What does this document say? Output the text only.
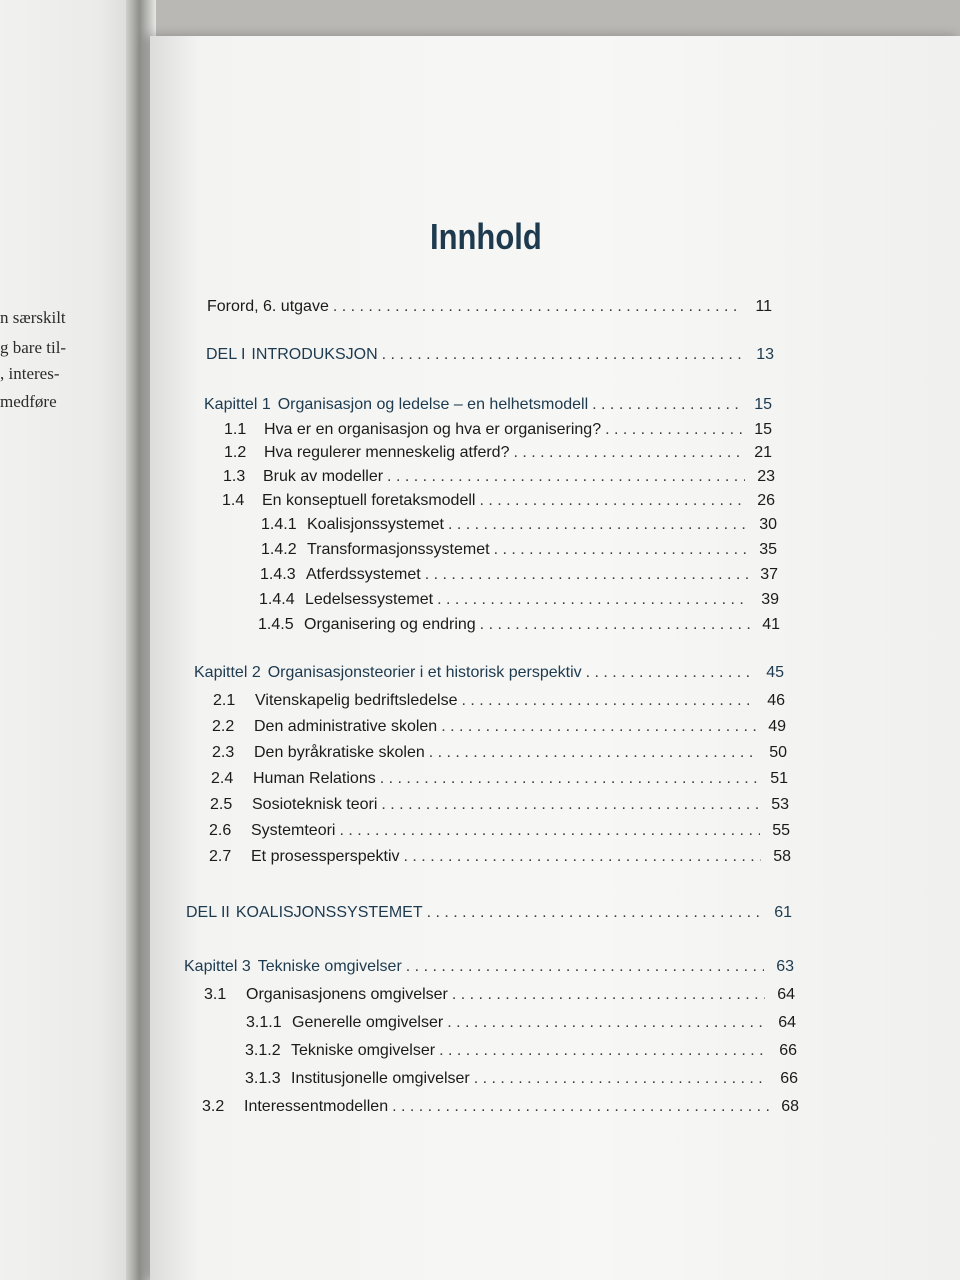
n særskilt
g bare til-
, interes-
medføre
Innhold
Forord, 6. utgave . . .	11
DEL I INTRODUKSJON . . .	13
Kapittel 1 Organisasjon og ledelse – en helhetsmodell . . .	15
1.1	Hva er en organisasjon og hva er organisering? . . .	15
1.2	Hva regulerer menneskelig atferd? . . .	21
1.3	Bruk av modeller . . .	23
1.4	En konseptuell foretaksmodell . . .	26
1.4.1 Koalisjonssystemet . . .	30
1.4.2 Transformasjonssystemet . . .	35
1.4.3 Atferdssystemet . . .	37
1.4.4 Ledelsessystemet . . .	39
1.4.5 Organisering og endring . . .	41
Kapittel 2 Organisasjonsteorier i et historisk perspektiv . . .	45
2.1	Vitenskapelig bedriftsledelse . . .	46
2.2	Den administrative skolen . . .	49
2.3	Den byråkratiske skolen . . .	50
2.4	Human Relations . . .	51
2.5	Sosioteknisk teori . . .	53
2.6	Systemteori . . .	55
2.7	Et prosessperspektiv . . .	58
DEL II KOALISJONSSYSTEMET . . .	61
Kapittel 3 Tekniske omgivelser . . .	63
3.1	Organisasjonens omgivelser . . .	64
3.1.1 Generelle omgivelser . . .	64
3.1.2 Tekniske omgivelser . . .	66
3.1.3 Institusjonelle omgivelser . . .	66
3.2	Interessentmodellen . . .	68
